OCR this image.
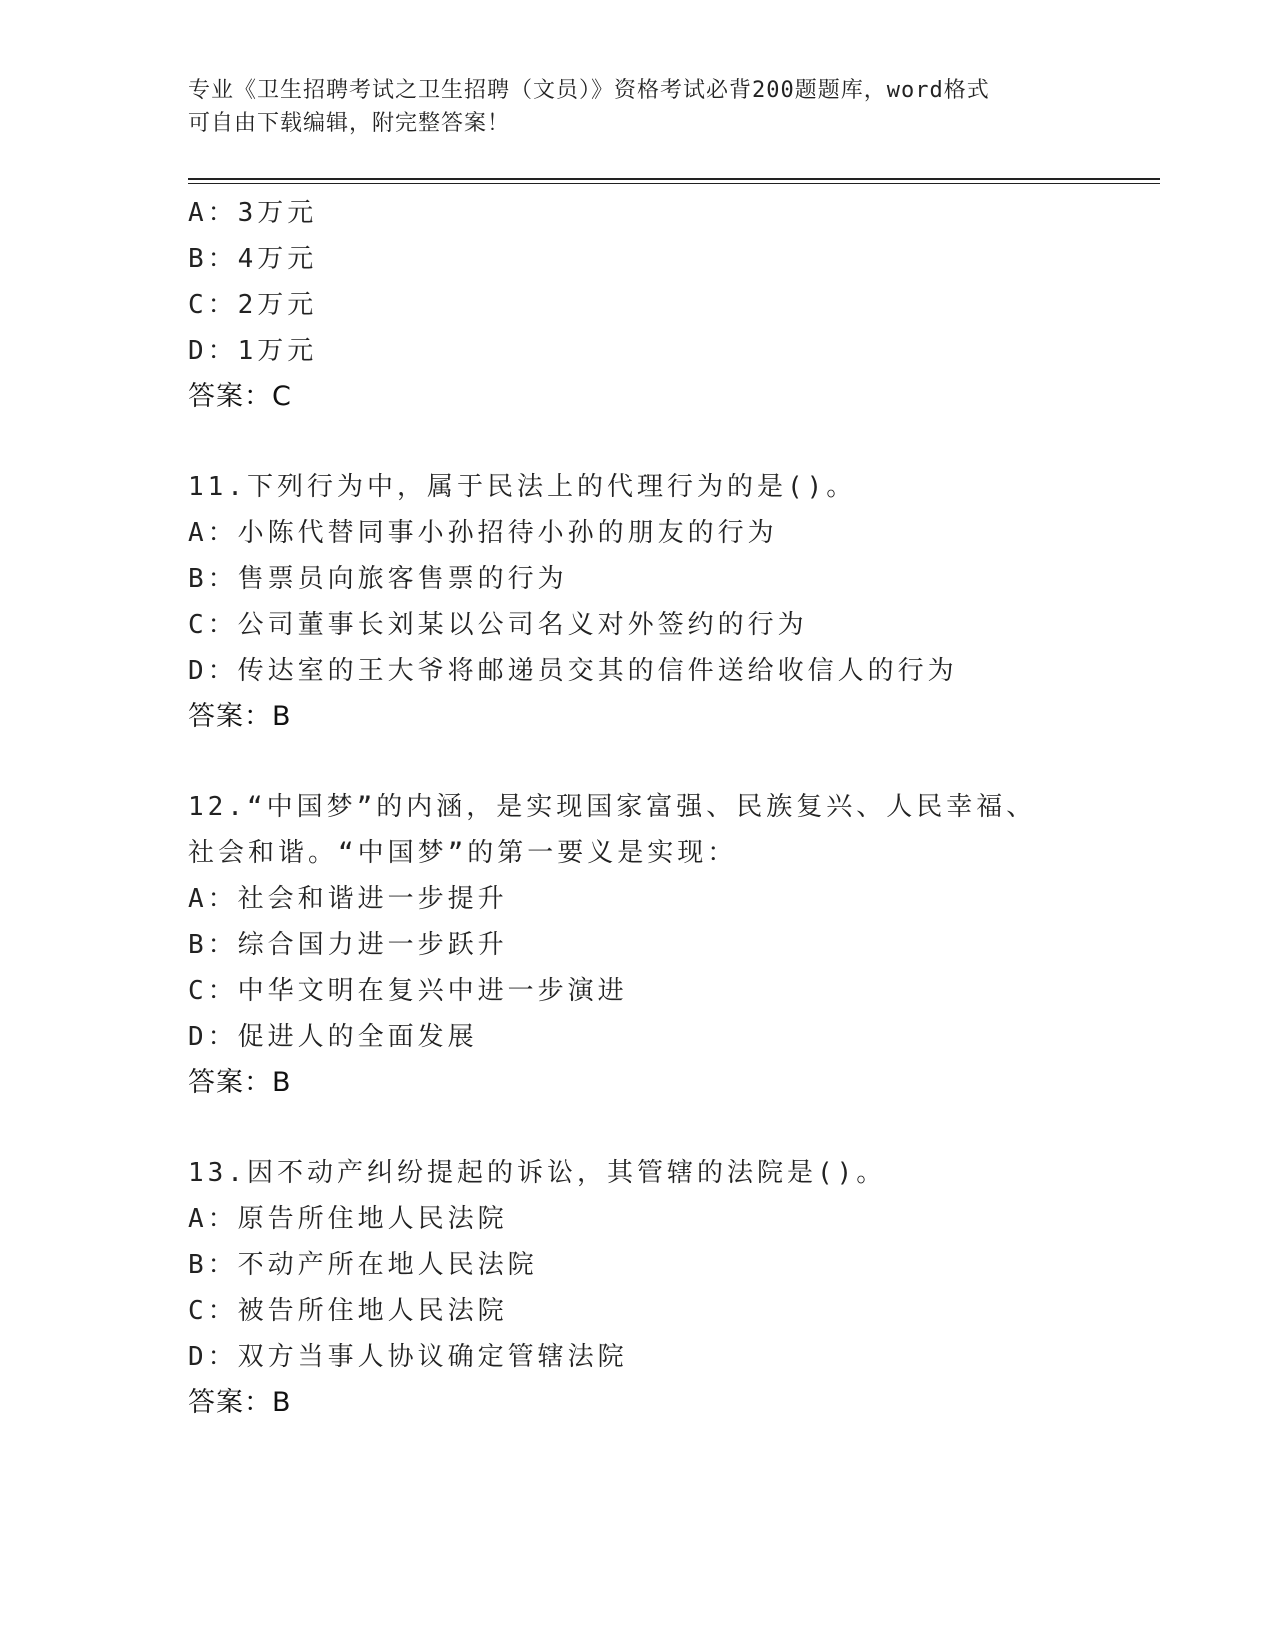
专业《卫生招聘考试之卫生招聘（文员）》资格考试必背200题题库，word格式
可自由下载编辑，附完整答案！
A：3万元
B：4万元
C：2万元
D：1万元
答案：C
11.下列行为中，属于民法上的代理行为的是()。
A：小陈代替同事小孙招待小孙的朋友的行为
B：售票员向旅客售票的行为
C：公司董事长刘某以公司名义对外签约的行为
D：传达室的王大爷将邮递员交其的信件送给收信人的行为
答案：B
12.“中国梦”的内涵，是实现国家富强、民族复兴、人民幸福、社会和谐。“中国梦”的第一要义是实现：
A：社会和谐进一步提升
B：综合国力进一步跃升
C：中华文明在复兴中进一步演进
D：促进人的全面发展
答案：B
13.因不动产纠纷提起的诉讼，其管辖的法院是()。
A：原告所住地人民法院
B：不动产所在地人民法院
C：被告所住地人民法院
D：双方当事人协议确定管辖法院
答案：B
